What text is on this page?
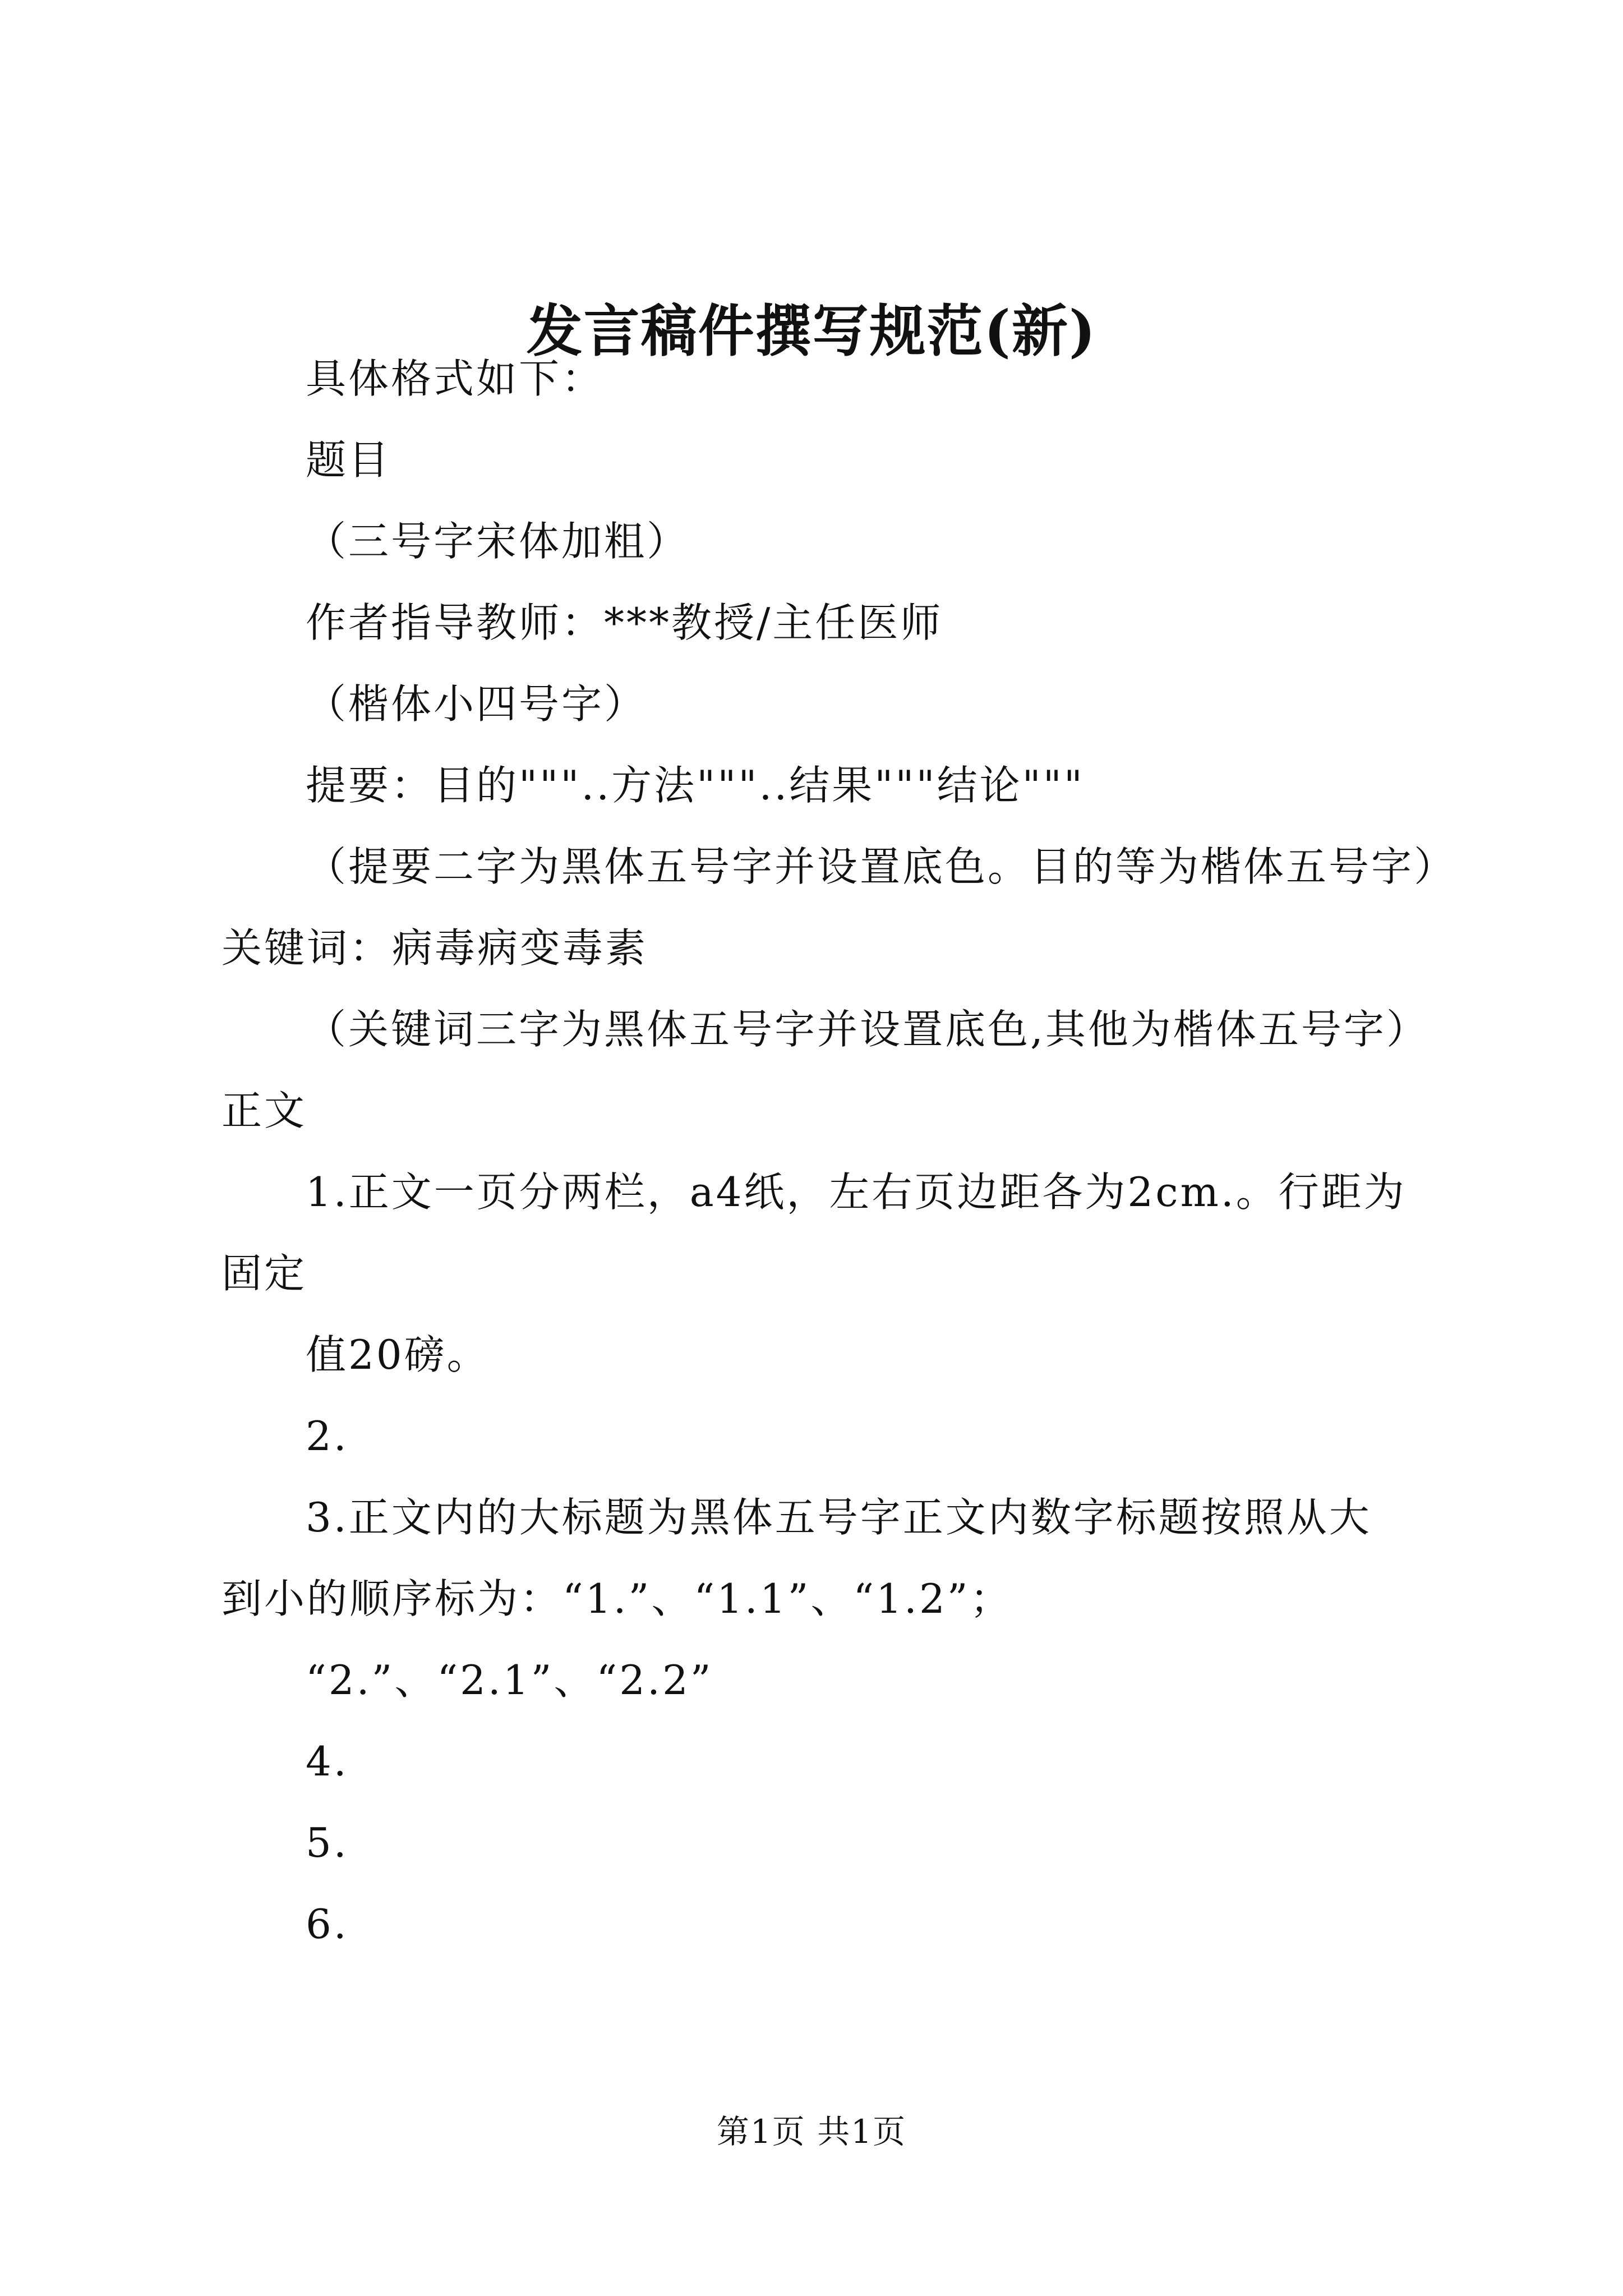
发言稿件撰写规范(新)
具体格式如下：
题目
（三号字宋体加粗）
作者指导教师：***教授/主任医师
（楷体小四号字）
提要：目的"""..方法"""..结果"""结论"""
（提要二字为黑体五号字并设置底色。目的等为楷体五号字）
关键词：病毒病变毒素
（关键词三字为黑体五号字并设置底色,其他为楷体五号字）
正文
1.正文一页分两栏，a4纸，左右页边距各为2cm.。行距为
固定
值20磅。
2.
3.正文内的大标题为黑体五号字正文内数字标题按照从大
到小的顺序标为：“1.”、“1.1”、“1.2”；
“2.”、“2.1”、“2.2”
4.
5.
6.
第1页 共1页
